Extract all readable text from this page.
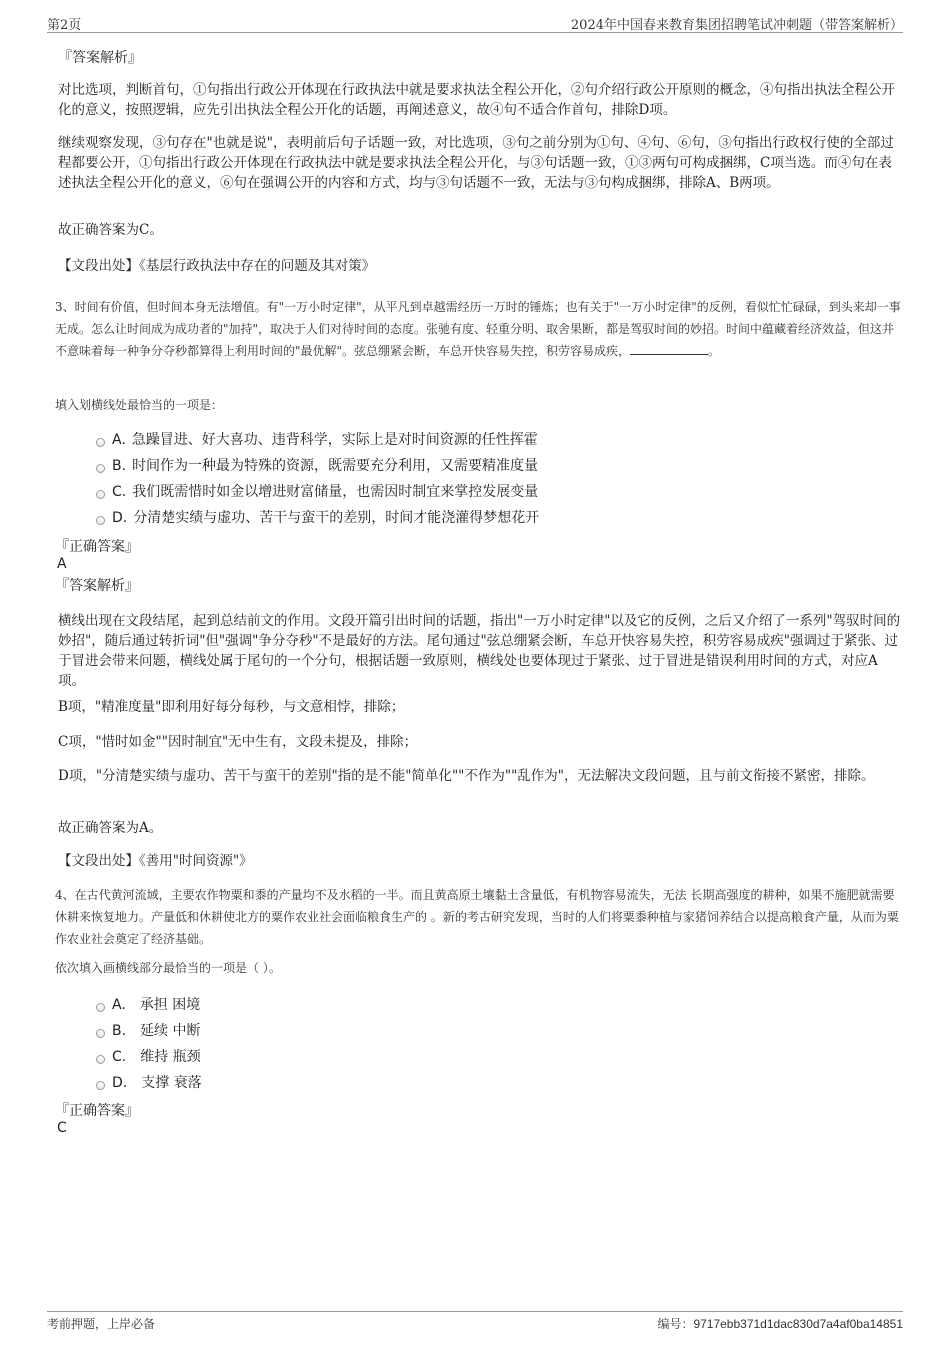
第2页	2024年中国春来教育集团招聘笔试冲刺题（带答案解析）
『答案解析』

对比选项，判断首句，①句指出行政公开体现在行政执法中就是要求执法全程公开化，②句介绍行政公开原则的概念，④句指出执法全程公开化的意义，按照逻辑，应先引出执法全程公开化的话题，再阐述意义，故④句不适合作首句，排除D项。

继续观察发现，③句存在"也就是说"，表明前后句子话题一致，对比选项，③句之前分别为①句、④句、⑥句，③句指出行政权行使的全部过程都要公开，①句指出行政公开体现在行政执法中就是要求执法全程公开化，与③句话题一致，①③两句可构成捆绑，C项当选。而④句在表述执法全程公开化的意义，⑥句在强调公开的内容和方式，均与③句话题不一致，无法与③句构成捆绑，排除A、B两项。

故正确答案为C。

【文段出处】《基层行政执法中存在的问题及其对策》

3、时间有价值，但时间本身无法增值。有"一万小时定律"，从平凡到卓越需经历一万时的锤炼；也有关于"一万小时定律"的反例，看似忙忙碌碌，到头来却一事无成。怎么让时间成为成功者的"加持"，取决于人们对待时间的态度。张驰有度、轻重分明、取舍果断，都是驾驭时间的妙招。时间中蕴藏着经济效益，但这并不意味着每一种争分夺秒都算得上利用时间的"最优解"。弦总绷紧会断，车总开快容易失控，积劳容易成疾，	。
填入划横线处最恰当的一项是：
A. 急躁冒进、好大喜功、违背科学，实际上是对时间资源的任性挥霍
B. 时间作为一种最为特殊的资源，既需要充分利用，又需要精准度量
C. 我们既需惜时如金以增进财富储量，也需因时制宜来掌控发展变量
D. 分清楚实绩与虚功、苦干与蛮干的差别，时间才能浇灌得梦想花开
『正确答案』
A
『答案解析』

横线出现在文段结尾，起到总结前文的作用。文段开篇引出时间的话题，指出"一万小时定律"以及它的反例，之后又介绍了一系列"驾驭时间的妙招"，随后通过转折词"但"强调"争分夺秒"不是最好的方法。尾句通过"弦总绷紧会断，车总开快容易失控，积劳容易成疾"强调过于紧张、过于冒进会带来问题，横线处属于尾句的一个分句，根据话题一致原则，横线处也要体现过于紧张、过于冒进是错误利用时间的方式，对应A项。

B项，"精准度量"即利用好每分每秒，与文意相悖，排除；

C项，"惜时如金""因时制宜"无中生有，文段未提及，排除；

D项，"分清楚实绩与虚功、苦干与蛮干的差别"指的是不能"简单化""不作为""乱作为"，无法解决文段问题，且与前文衔接不紧密，排除。

故正确答案为A。

【文段出处】《善用"时间资源"》

4、在古代黄河流域，主要农作物粟和黍的产量均不及水稻的一半。而且黄高原土壤黏土含量低，有机物容易流失，无法 长期高强度的耕种，如果不施肥就需要休耕来恢复地力。产量低和休耕使北方的粟作农业社会面临粮食生产的 。新的考古研究发现，当时的人们将粟黍种植与家猪饲养结合以提高粮食产量，从而为粟作农业社会奠定了经济基础。
依次填入画横线部分最恰当的一项是（ ）。
A. 承担 困境
B. 延续 中断
C. 维持 瓶颈
D. 支撑 衰落
『正确答案』
C
考前押题，上岸必备	编号：9717ebb371d1dac830d7a4af0ba14851
